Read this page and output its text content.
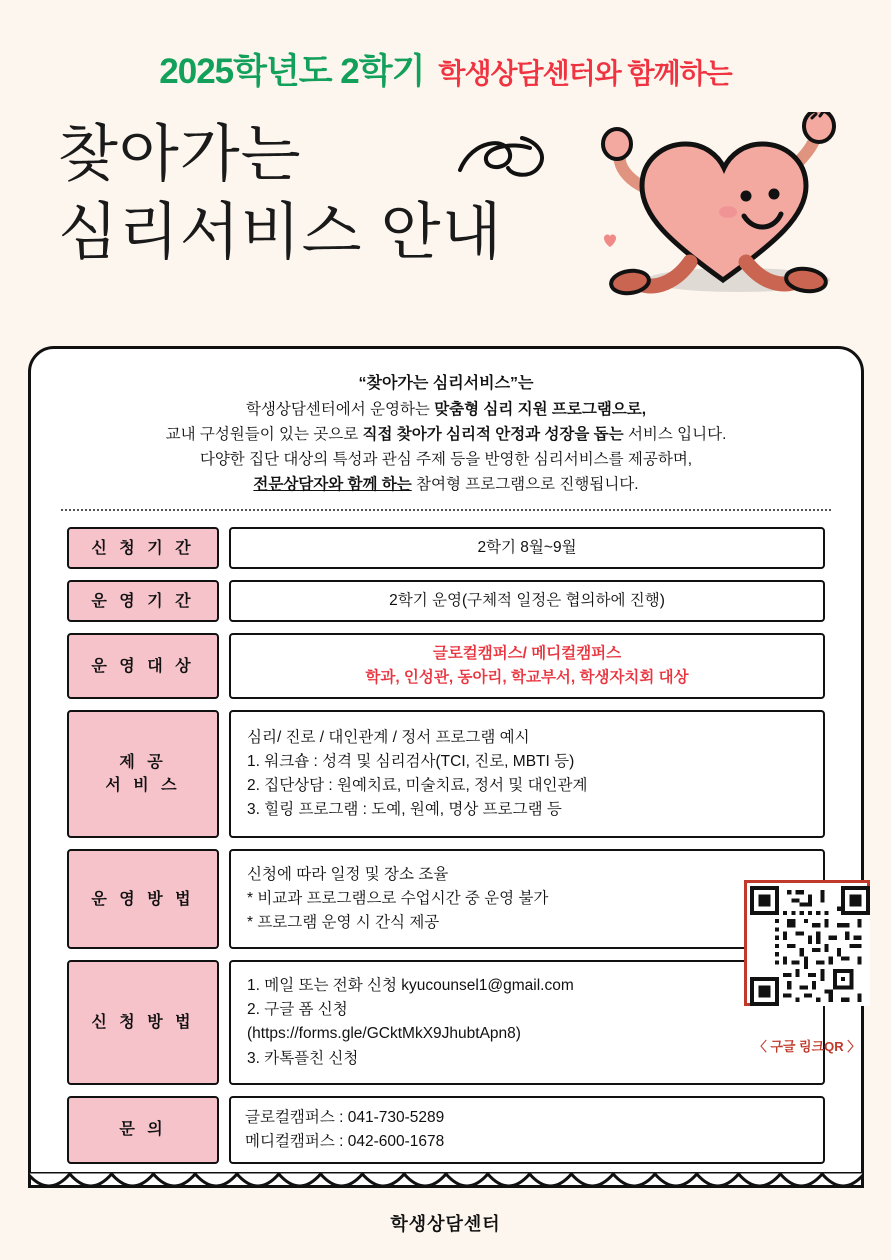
2025학년도 2학기 학생상담센터와 함께하는
찾아가는
심리서비스 안내
“찾아가는 심리서비스”는
학생상담센터에서 운영하는 맞춤형 심리 지원 프로그램으로,
교내 구성원들이 있는 곳으로 직접 찾아가 심리적 안정과 성장을 돕는 서비스 입니다.
다양한 집단 대상의 특성과 관심 주제 등을 반영한 심리서비스를 제공하며,
전문상담자와 함께 하는 참여형 프로그램으로 진행됩니다.
신 청 기 간	2학기 8월~9월
운 영 기 간	2학기 운영(구체적 일정은 협의하에 진행)
운 영 대 상
글로컬캠퍼스/ 메디컬캠퍼스
학과, 인성관, 동아리, 학교부서, 학생자치회 대상
제 공
서 비 스
심리/ 진로 / 대인관계 / 정서 프로그램 예시
1. 워크숍 : 성격 및 심리검사(TCI, 진로, MBTI 등)
2. 집단상담 : 원예치료, 미술치료, 정서 및 대인관계
3. 힐링 프로그램 : 도예, 원예, 명상 프로그램 등
운 영 방 법
신청에 따라 일정 및 장소 조율
* 비교과 프로그램으로 수업시간 중 운영 불가
* 프로그램 운영 시 간식 제공
신 청 방 법
1. 메일 또는 전화 신청 kyucounsel1@gmail.com
2. 구글 폼 신청
(https://forms.gle/GCktMkX9JhubtApn8)
3. 카톡플친 신청
문 의
글로컬캠퍼스 : 041-730-5289
메디컬캠퍼스 : 042-600-1678
〈 구글 링크QR 〉
학생상담센터
